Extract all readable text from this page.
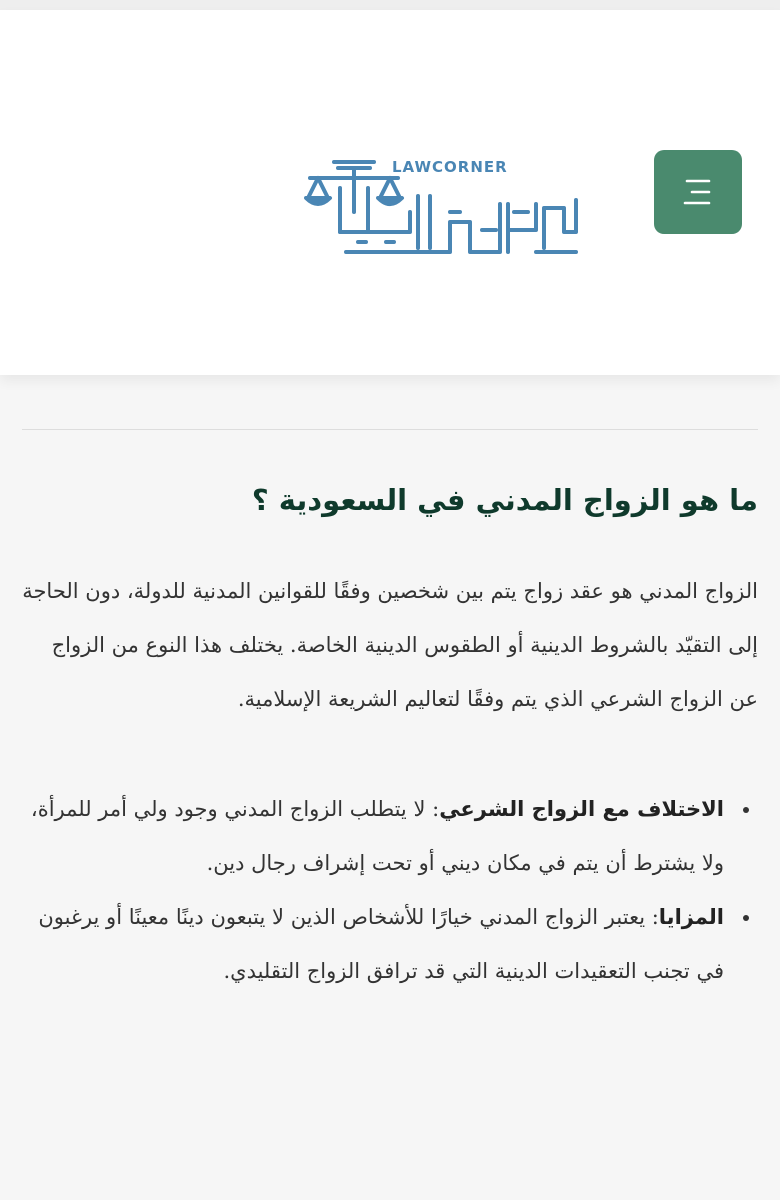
LAWCORNER
ما هو الزواج المدني في السعودية ؟

الزواج المدني هو عقد زواج يتم بين شخصين وفقًا للقوانين المدنية للدولة، دون الحاجة إلى التقيّد بالشروط الدينية أو الطقوس الدينية الخاصة. يختلف هذا النوع من الزواج عن الزواج الشرعي الذي يتم وفقًا لتعاليم الشريعة الإسلامية.

• الاختلاف مع الزواج الشرعي: لا يتطلب الزواج المدني وجود ولي أمر للمرأة، ولا يشترط أن يتم في مكان ديني أو تحت إشراف رجال دين.
• المزايا: يعتبر الزواج المدني خيارًا للأشخاص الذين لا يتبعون دينًا معينًا أو يرغبون في تجنب التعقيدات الدينية التي قد ترافق الزواج التقليدي.
